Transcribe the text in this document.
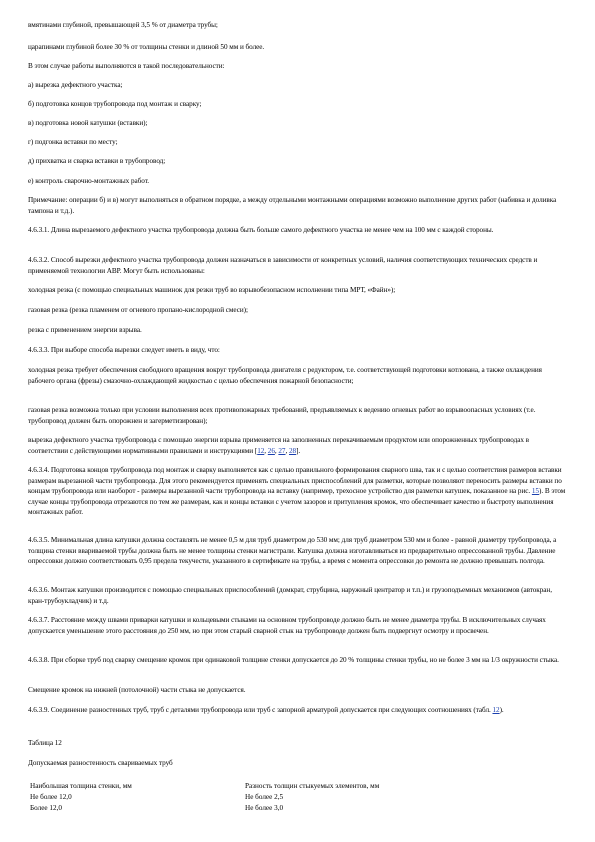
вмятинами глубиной, превышающей 3,5 % от диаметра трубы;

царапинами глубиной более 30 % от толщины стенки и длиной 50 мм и более.

В этом случае работы выполняются в такой последовательности:

а) вырезка дефектного участка;

б) подготовка концов трубопровода под монтаж и сварку;

в) подготовка новой катушки (вставки);

г) подгонка вставки по месту;

д) прихватка и сварка вставки в трубопровод;

е) контроль сварочно-монтажных работ.

Примечание: операции б) и в) могут выполняться в обратном порядке, а между отдельными монтажными операциями возможно выполнение других работ (набивка и доливка тампона и т.д.).

4.6.3.1. Длина вырезаемого дефектного участка трубопровода должна быть больше самого дефектного участка не менее чем на 100 мм с каждой стороны.

4.6.3.2. Способ вырезки дефектного участка трубопровода должен назначаться в зависимости от конкретных условий, наличия соответствующих технических средств и применяемой технологии АВР. Могут быть использованы:

холодная резка (с помощью специальных машинок для резки труб во взрывобезопасном исполнении типа МРТ, «Файн»);

газовая резка (резка пламенем от огневого пропано-кислородной смеси);

резка с применением энергии взрыва.

4.6.3.3. При выборе способа вырезки следует иметь в виду, что:

холодная резка требует обеспечения свободного вращения вокруг трубопровода двигателя с редуктором, т.е. соответствующей подготовки котлована, а также охлаждения рабочего органа (фрезы) смазочно-охлаждающей жидкостью с целью обеспечения пожарной безопасности;

газовая резка возможна только при условии выполнения всех противопожарных требований, предъявляемых к ведению огневых работ во взрывоопасных условиях (т.е. трубопровод должен быть опорожнен и загерметизирован);

вырезка дефектного участка трубопровода с помощью энергии взрыва применяется на заполненных перекачиваемым продуктом или опорожненных трубопроводах в соответствии с действующими нормативными правилами и инструкциями [12, 26, 27, 28].

4.6.3.4. Подготовка концов трубопровода под монтаж и сварку выполняется как с целью правильного формирования сварного шва, так и с целью соответствия размеров вставки размерам вырезанной части трубопровода. Для этого рекомендуется применять специальных приспособлений для разметки, которые позволяют переносить размеры вставки по концам трубопровода или наоборот - размеры вырезанной части трубопровода на вставку (например, трехосное устройство для разметки катушек, показанное на рис. 15). В этом случае концы трубопровода отрезаются по тем же размерам, как и концы вставки с учетом зазоров и притупления кромок, что обеспечивает качество и быстроту выполнения монтажных работ.

4.6.3.5. Минимальная длина катушки должна составлять не менее 0,5 м для труб диаметром до 530 мм; для труб диаметром 530 мм и более - равной диаметру трубопровода, а толщина стенки ввариваемой трубы должна быть не менее толщины стенки магистрали. Катушка должна изготавливаться из предварительно опрессованной трубы. Давление опрессовки должно соответствовать 0,95 предела текучести, указанного в сертификате на трубы, а время с момента опрессовки до ремонта не должно превышать полгода.

4.6.3.6. Монтаж катушки производится с помощью специальных приспособлений (домкрат, струбцина, наружный центратор и т.п.) и грузоподъемных механизмов (автокран, кран-трубоукладчик) и т.д.

4.6.3.7. Расстояние между швами приварки катушки и кольцевыми стыками на основном трубопроводе должно быть не менее диаметра трубы. В исключительных случаях допускается уменьшение этого расстояния до 250 мм, но при этом старый сварной стык на трубопроводе должен быть подвергнут осмотру и просвечен.

4.6.3.8. При сборке труб под сварку смещение кромок при одинаковой толщине стенки допускается до 20 % толщины стенки трубы, но не более 3 мм на 1/3 окружности стыка.

Смещение кромок на нижней (потолочной) части стыка не допускается.

4.6.3.9. Соединение разностенных труб, труб с деталями трубопровода или труб с запорной арматурой допускается при следующих соотношениях (табл. 12).

Таблица 12

Допускаемая разностенность свариваемых труб

Наибольшая толщина стенки, мм	Разность толщин стыкуемых элементов, мм
Не более 12,0	Не более 2,5
Более 12,0	Не более 3,0
